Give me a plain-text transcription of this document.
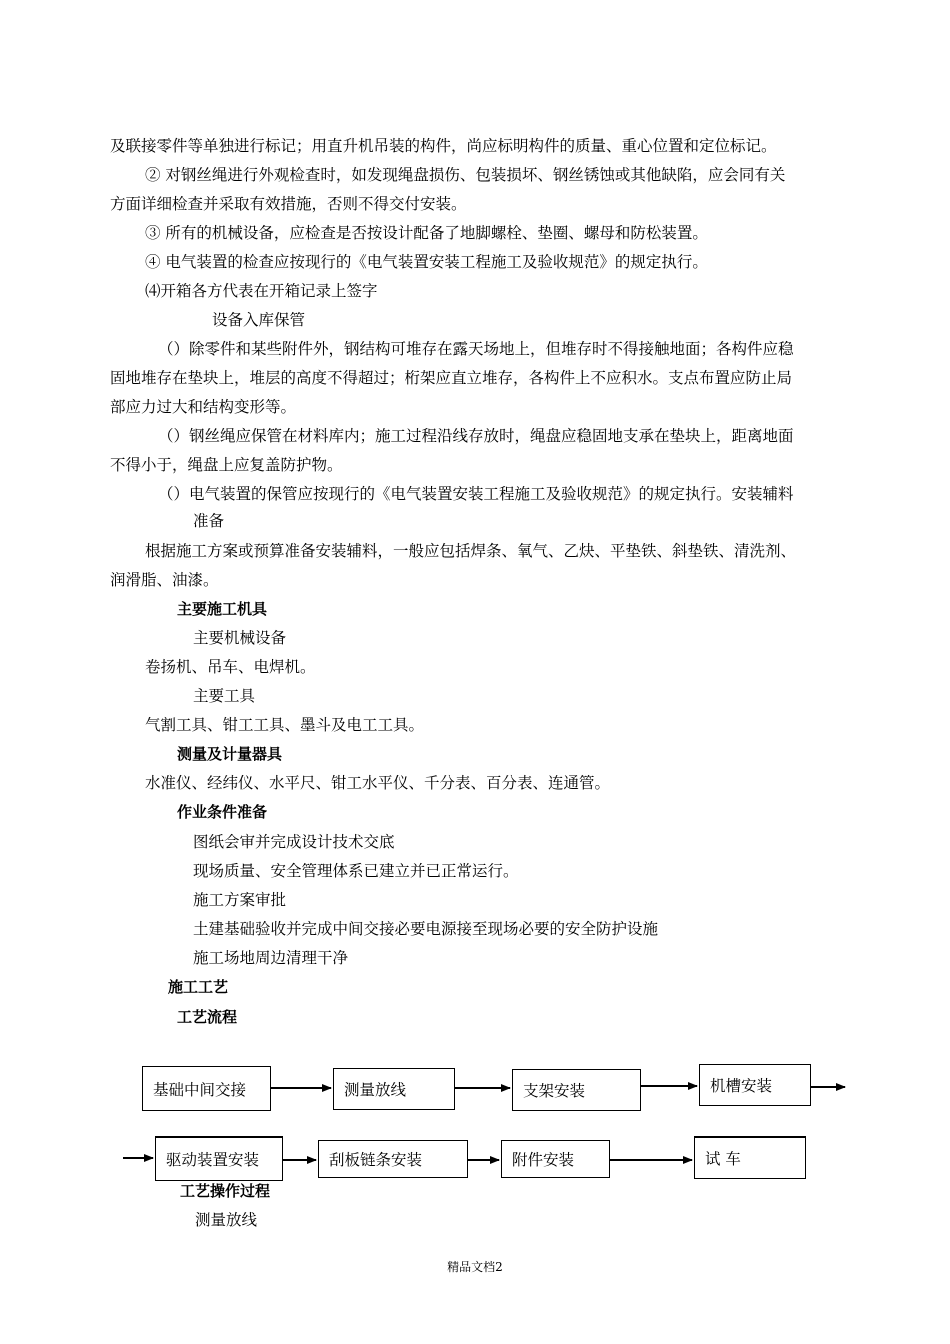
及联接零件等单独进行标记；用直升机吊装的构件，尚应标明构件的质量、重心位置和定位标记。
② 对钢丝绳进行外观检查时，如发现绳盘损伤、包装损坏、钢丝锈蚀或其他缺陷，应会同有关
方面详细检查并采取有效措施，否则不得交付安装。
③ 所有的机械设备，应检查是否按设计配备了地脚螺栓、垫圈、螺母和防松装置。
④ 电气装置的检查应按现行的《电气装置安装工程施工及验收规范》的规定执行。
⑷开箱各方代表在开箱记录上签字
设备入库保管
（）除零件和某些附件外，钢结构可堆存在露天场地上，但堆存时不得接触地面；各构件应稳
固地堆存在垫块上，堆层的高度不得超过；桁架应直立堆存，各构件上不应积水。支点布置应防止局
部应力过大和结构变形等。
（）钢丝绳应保管在材料库内；施工过程沿线存放时，绳盘应稳固地支承在垫块上，距离地面
不得小于，绳盘上应复盖防护物。
（）电气装置的保管应按现行的《电气装置安装工程施工及验收规范》的规定执行。安装辅料
准备
根据施工方案或预算准备安装辅料，一般应包括焊条、氧气、乙炔、平垫铁、斜垫铁、清洗剂、
润滑脂、油漆。
主要施工机具
主要机械设备
卷扬机、吊车、电焊机。
主要工具
气割工具、钳工工具、墨斗及电工工具。
测量及计量器具
水准仪、经纬仪、水平尺、钳工水平仪、千分表、百分表、连通管。
作业条件准备
图纸会审并完成设计技术交底
现场质量、安全管理体系已建立并已正常运行。
施工方案审批
土建基础验收并完成中间交接必要电源接至现场必要的安全防护设施
施工场地周边清理干净
施工工艺
工艺流程
基础中间交接	测量放线	支架安装	机槽安装
驱动装置安装	刮板链条安装	附件安装	试 车
工艺操作过程
测量放线
精品文档2
